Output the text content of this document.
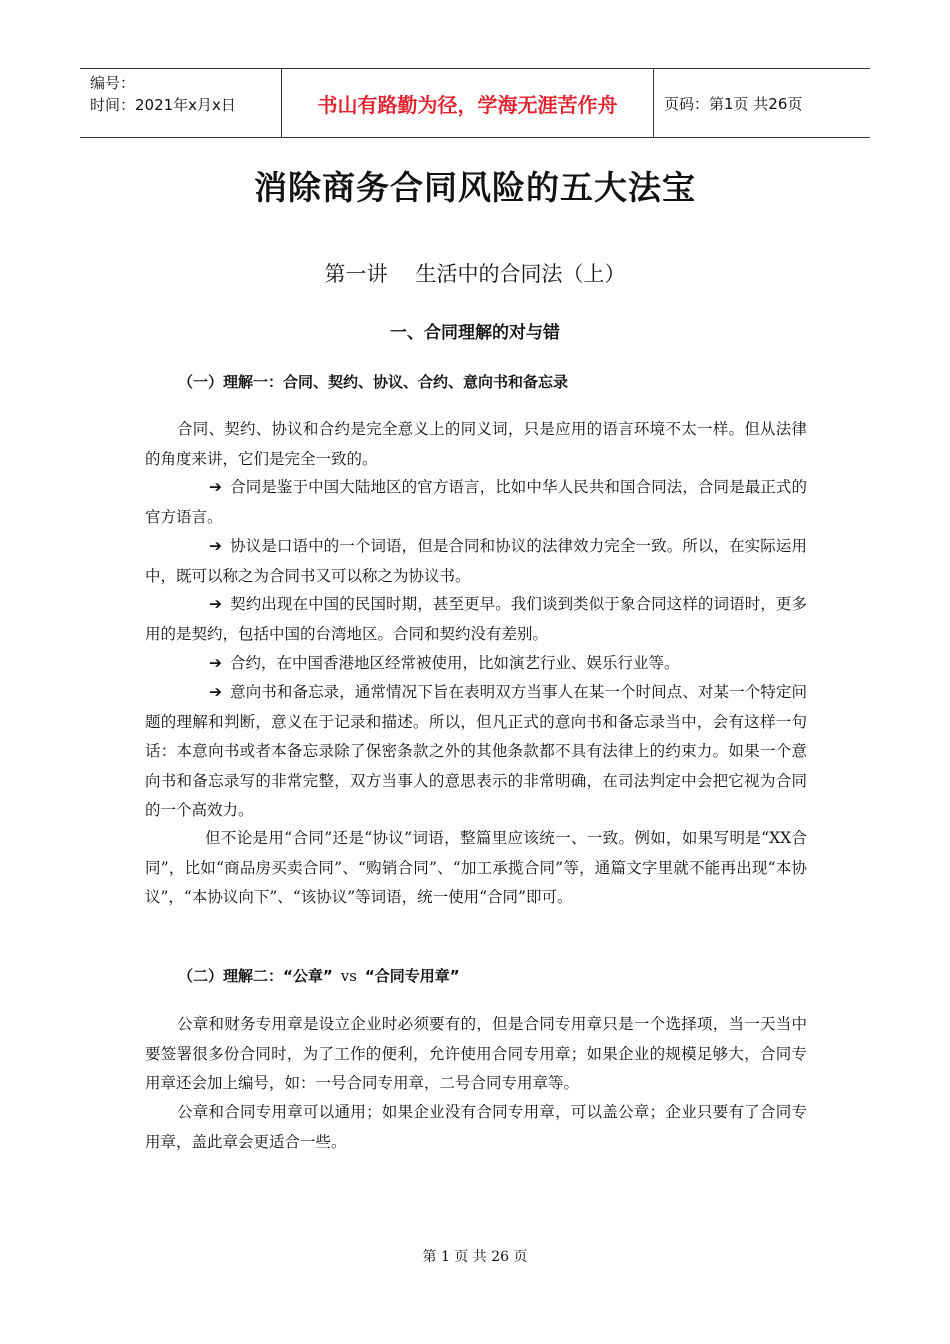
编号：
时间：2021年x月x日	书山有路勤为径，学海无涯苦作舟	页码：第1页 共26页
消除商务合同风险的五大法宝
第一讲 生活中的合同法（上）
一、合同理解的对与错
（一）理解一：合同、契约、协议、合约、意向书和备忘录
合同、契约、协议和合约是完全意义上的同义词，只是应用的语言环境不太一样。但从法律的角度来讲，它们是完全一致的。
➔ 合同是鉴于中国大陆地区的官方语言，比如中华人民共和国合同法，合同是最正式的官方语言。
➔ 协议是口语中的一个词语，但是合同和协议的法律效力完全一致。所以，在实际运用中，既可以称之为合同书又可以称之为协议书。
➔ 契约出现在中国的民国时期，甚至更早。我们谈到类似于象合同这样的词语时，更多用的是契约，包括中国的台湾地区。合同和契约没有差别。
➔ 合约，在中国香港地区经常被使用，比如演艺行业、娱乐行业等。
➔ 意向书和备忘录，通常情况下旨在表明双方当事人在某一个时间点、对某一个特定问题的理解和判断，意义在于记录和描述。所以，但凡正式的意向书和备忘录当中，会有这样一句话：本意向书或者本备忘录除了保密条款之外的其他条款都不具有法律上的约束力。如果一个意向书和备忘录写的非常完整，双方当事人的意思表示的非常明确，在司法判定中会把它视为合同的一个高效力。
但不论是用“合同”还是“协议”词语，整篇里应该统一、一致。例如，如果写明是“XX合同”，比如“商品房买卖合同”、“购销合同”、“加工承揽合同”等，通篇文字里就不能再出现“本协议”，“本协议向下”、“该协议”等词语，统一使用“合同”即可。
（二）理解二：“公章” vs “合同专用章”
公章和财务专用章是设立企业时必须要有的，但是合同专用章只是一个选择项，当一天当中要签署很多份合同时，为了工作的便利，允许使用合同专用章；如果企业的规模足够大，合同专用章还会加上编号，如：一号合同专用章，二号合同专用章等。
公章和合同专用章可以通用；如果企业没有合同专用章，可以盖公章；企业只要有了合同专用章，盖此章会更适合一些。
第 1 页 共 26 页
